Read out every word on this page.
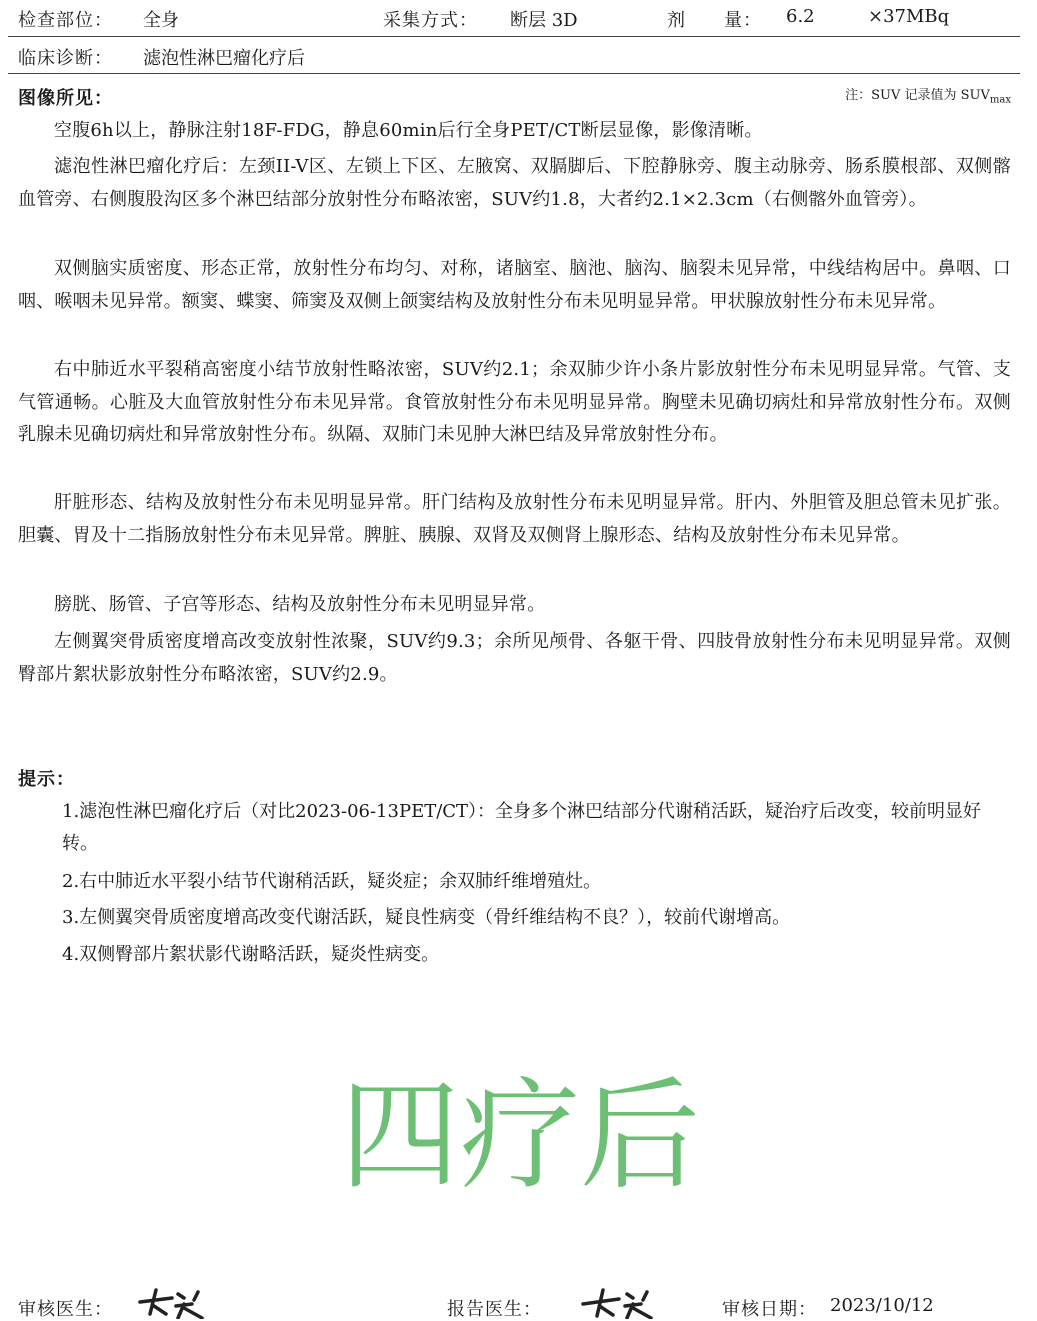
检查部位： 全身	采集方式： 断层 3D	剂　　量： 6.2	×37MBq
临床诊断： 滤泡性淋巴瘤化疗后
图像所见：	注：SUV 记录值为 $SUV_{max}$

空腹6h以上，静脉注射18F-FDG，静息60min后行全身PET/CT断层显像，影像清晰。

滤泡性淋巴瘤化疗后：左颈II-V区、左锁上下区、左腋窝、双膈脚后、下腔静脉旁、腹主动脉旁、肠系膜根部、双侧髂血管旁、右侧腹股沟区多个淋巴结部分放射性分布略浓密，SUV约1.8，大者约2.1×2.3cm（右侧髂外血管旁）。

双侧脑实质密度、形态正常，放射性分布均匀、对称，诸脑室、脑池、脑沟、脑裂未见异常，中线结构居中。鼻咽、口咽、喉咽未见异常。额窦、蝶窦、筛窦及双侧上颌窦结构及放射性分布未见明显异常。甲状腺放射性分布未见异常。

右中肺近水平裂稍高密度小结节放射性略浓密，SUV约2.1；余双肺少许小条片影放射性分布未见明显异常。气管、支气管通畅。心脏及大血管放射性分布未见异常。食管放射性分布未见明显异常。胸壁未见确切病灶和异常放射性分布。双侧乳腺未见确切病灶和异常放射性分布。纵隔、双肺门未见肿大淋巴结及异常放射性分布。

肝脏形态、结构及放射性分布未见明显异常。肝门结构及放射性分布未见明显异常。肝内、外胆管及胆总管未见扩张。胆囊、胃及十二指肠放射性分布未见异常。脾脏、胰腺、双肾及双侧肾上腺形态、结构及放射性分布未见异常。

膀胱、肠管、子宫等形态、结构及放射性分布未见明显异常。

左侧翼突骨质密度增高改变放射性浓聚，SUV约9.3；余所见颅骨、各躯干骨、四肢骨放射性分布未见明显异常。双侧臀部片絮状影放射性分布略浓密，SUV约2.9。

提示：

1.滤泡性淋巴瘤化疗后（对比2023-06-13PET/CT）：全身多个淋巴结部分代谢稍活跃，疑治疗后改变，较前明显好转。

2.右中肺近水平裂小结节代谢稍活跃，疑炎症；余双肺纤维增殖灶。

3.左侧翼突骨质密度增高改变代谢活跃，疑良性病变（骨纤维结构不良？），较前代谢增高。

4.双侧臀部片絮状影代谢略活跃，疑炎性病变。

四疗后
审核医生：	报告医生：	审核日期： 2023/10/12
